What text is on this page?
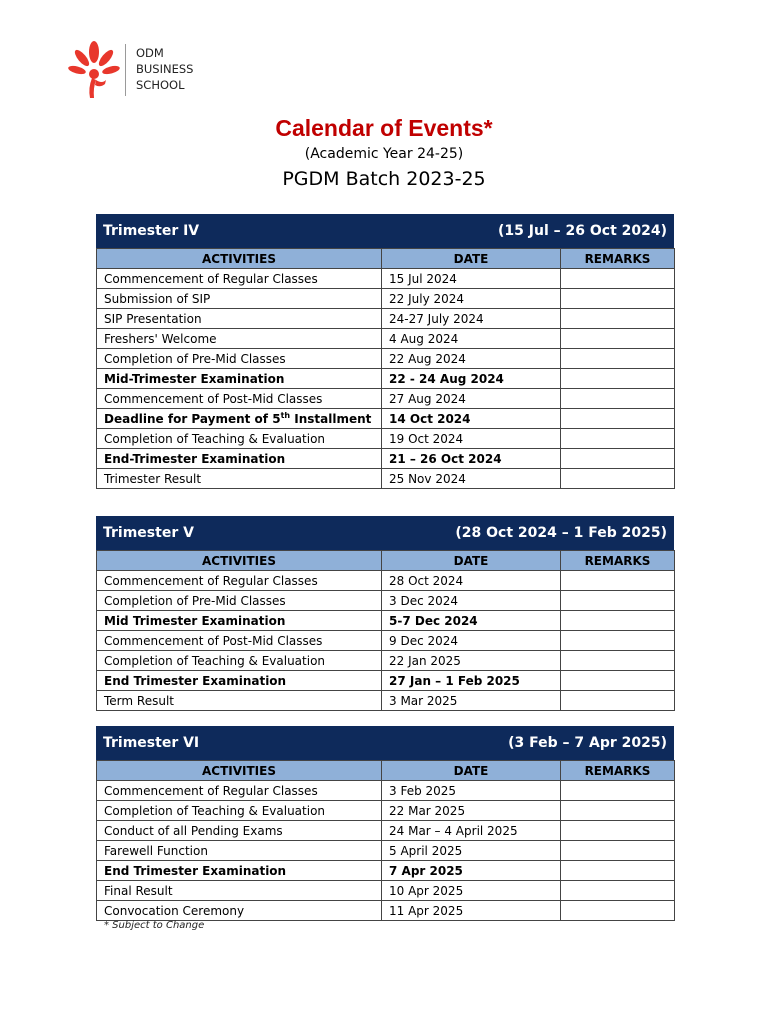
ODM
BUSINESS
SCHOOL
Calendar of Events*
(Academic Year 24-25)
PGDM Batch 2023-25
Trimester IV	(15 Jul – 26 Oct 2024)
ACTIVITIES	DATE	REMARKS
Commencement of Regular Classes	15 Jul 2024	
Submission of SIP	22 July 2024	
SIP Presentation	24-27 July 2024	
Freshers' Welcome	4 Aug 2024	
Completion of Pre-Mid Classes	22 Aug 2024	
Mid-Trimester Examination	22 - 24 Aug 2024	
Commencement of Post-Mid Classes	27 Aug 2024	
Deadline for Payment of 5th Installment	14 Oct 2024	
Completion of Teaching & Evaluation	19 Oct 2024	
End-Trimester Examination	21 – 26 Oct 2024	
Trimester Result	25 Nov 2024	
Trimester V	(28 Oct 2024 – 1 Feb 2025)
ACTIVITIES	DATE	REMARKS
Commencement of Regular Classes	28 Oct 2024	
Completion of Pre-Mid Classes	3 Dec 2024	
Mid Trimester Examination	5-7 Dec 2024	
Commencement of Post-Mid Classes	9 Dec 2024	
Completion of Teaching & Evaluation	22 Jan 2025	
End Trimester Examination	27 Jan – 1 Feb 2025	
Term Result	3 Mar 2025	
Trimester VI	(3 Feb – 7 Apr 2025)
ACTIVITIES	DATE	REMARKS
Commencement of Regular Classes	3 Feb 2025	
Completion of Teaching & Evaluation	22 Mar 2025	
Conduct of all Pending Exams	24 Mar – 4 April 2025	
Farewell Function	5 April 2025	
End Trimester Examination	7 Apr 2025	
Final Result	10 Apr 2025	
Convocation Ceremony	11 Apr 2025	
* Subject to Change
